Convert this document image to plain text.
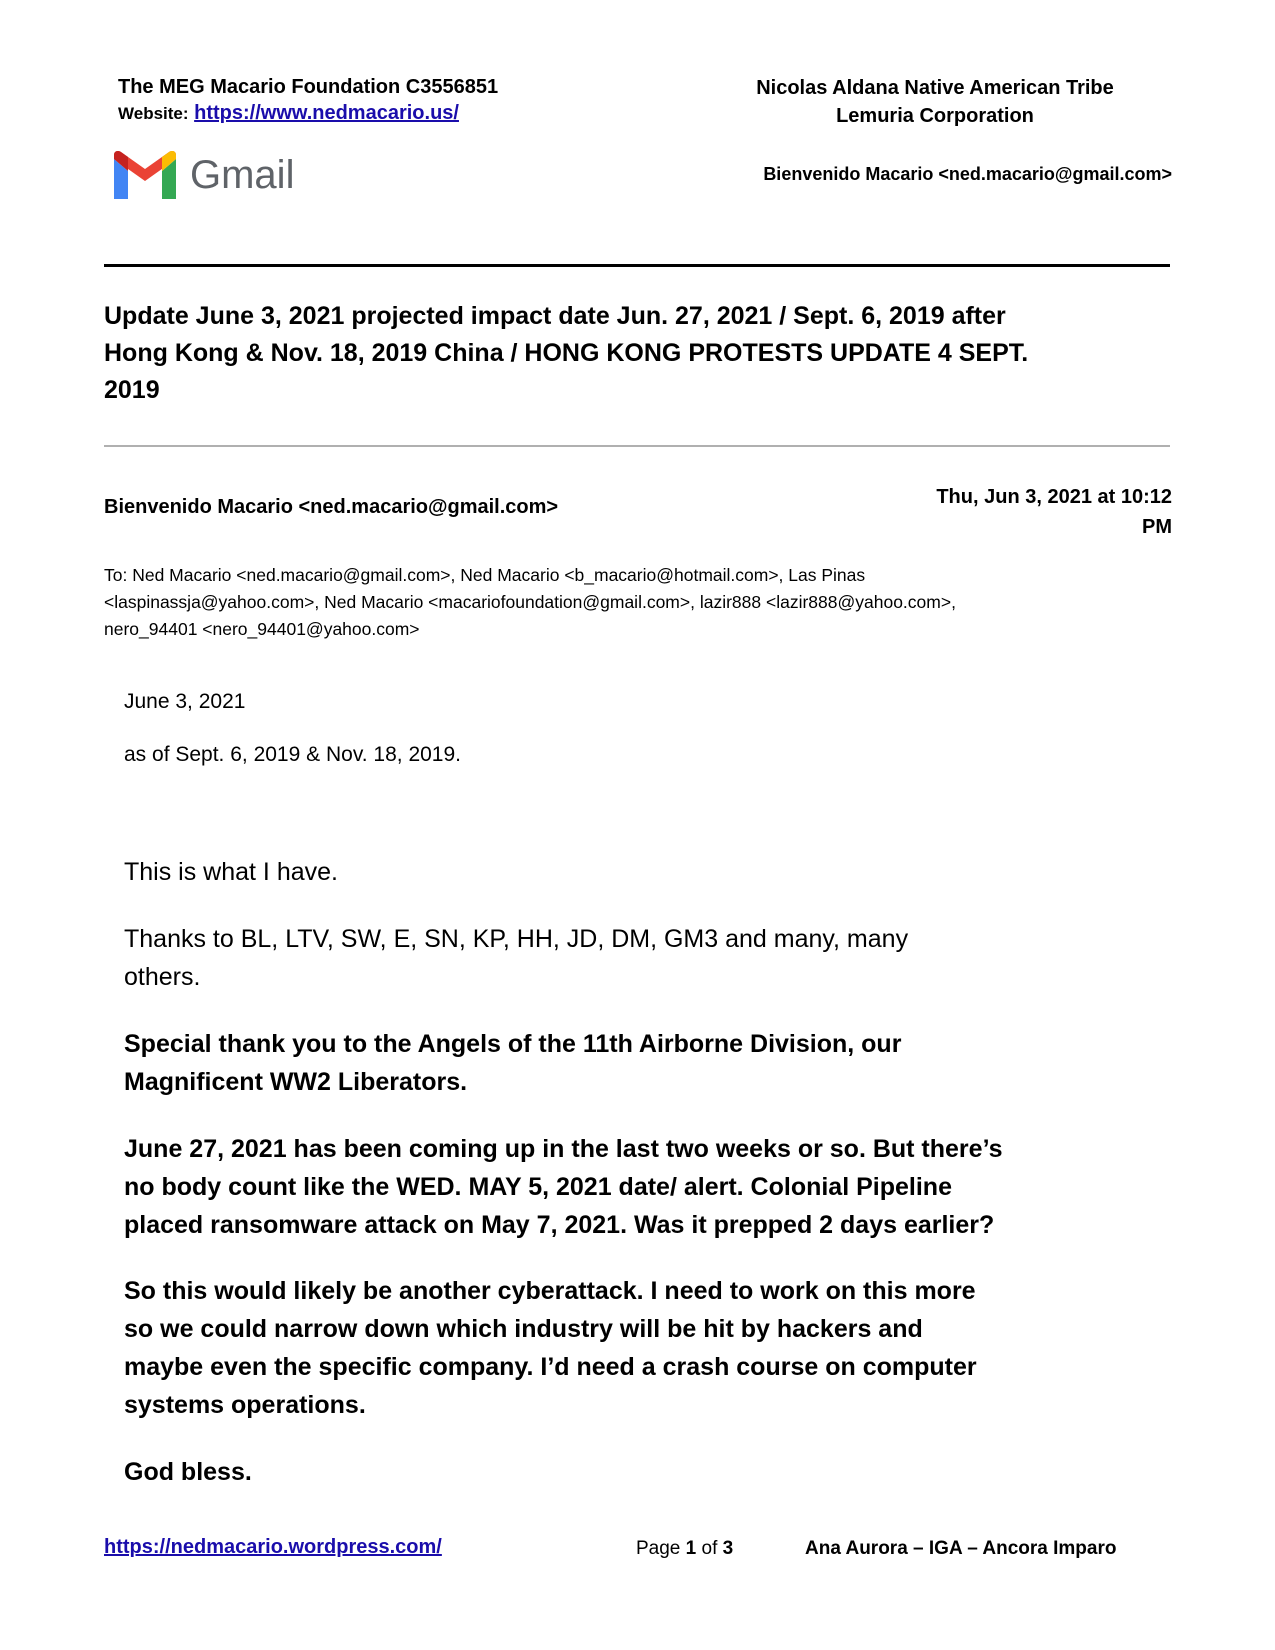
The MEG Macario Foundation C3556851
Website: https://www.nedmacario.us/
Nicolas Aldana Native American Tribe
Lemuria Corporation
Gmail	Bienvenido Macario <ned.macario@gmail.com>
Update June 3, 2021 projected impact date Jun. 27, 2021 / Sept. 6, 2019 after
Hong Kong & Nov. 18, 2019 China / HONG KONG PROTESTS UPDATE 4 SEPT.
2019
Bienvenido Macario <ned.macario@gmail.com>	Thu, Jun 3, 2021 at 10:12
PM
To: Ned Macario <ned.macario@gmail.com>, Ned Macario <b_macario@hotmail.com>, Las Pinas
<laspinassja@yahoo.com>, Ned Macario <macariofoundation@gmail.com>, lazir888 <lazir888@yahoo.com>,
nero_94401 <nero_94401@yahoo.com>
June 3, 2021
as of Sept. 6, 2019 & Nov. 18, 2019.
This is what I have.
Thanks to BL, LTV, SW, E, SN, KP, HH, JD, DM, GM3 and many, many
others.
Special thank you to the Angels of the 11th Airborne Division, our
Magnificent WW2 Liberators.
June 27, 2021 has been coming up in the last two weeks or so. But there’s
no body count like the WED. MAY 5, 2021 date/ alert. Colonial Pipeline
placed ransomware attack on May 7, 2021. Was it prepped 2 days earlier?
So this would likely be another cyberattack. I need to work on this more
so we could narrow down which industry will be hit by hackers and
maybe even the specific company. I’d need a crash course on computer
systems operations.
God bless.
https://nedmacario.wordpress.com/	Page 1 of 3	Ana Aurora – IGA – Ancora Imparo
